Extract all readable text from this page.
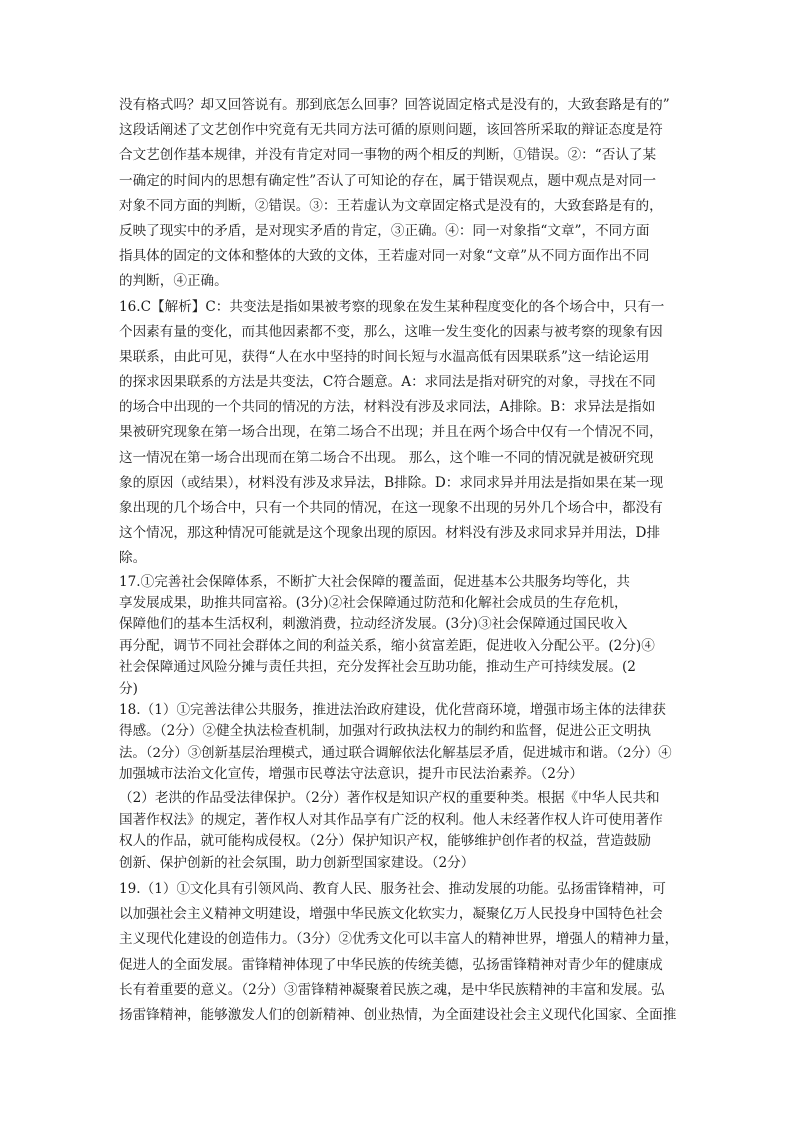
没有格式吗？却又回答说有。那到底怎么回事？回答说固定格式是没有的，大致套路是有的”
这段话阐述了文艺创作中究竟有无共同方法可循的原则问题，该回答所采取的辩证态度是符
合文艺创作基本规律，并没有肯定对同一事物的两个相反的判断，①错误。②：“否认了某
一确定的时间内的思想有确定性”否认了可知论的存在，属于错误观点，题中观点是对同一
对象不同方面的判断，②错误。③：王若虚认为文章固定格式是没有的，大致套路是有的，
反映了现实中的矛盾，是对现实矛盾的肯定，③正确。④：同一对象指“文章”，不同方面
指具体的固定的文体和整体的大致的文体，王若虚对同一对象“文章”从不同方面作出不同
的判断，④正确。
16.C【解析】C：共变法是指如果被考察的现象在发生某种程度变化的各个场合中，只有一
个因素有量的变化，而其他因素都不变，那么，这唯一发生变化的因素与被考察的现象有因
果联系，由此可见，获得“人在水中坚持的时间长短与水温高低有因果联系”这一结论运用
的探求因果联系的方法是共变法，C符合题意。A：求同法是指对研究的对象，寻找在不同
的场合中出现的一个共同的情况的方法，材料没有涉及求同法，A排除。B：求异法是指如
果被研究现象在第一场合出现，在第二场合不出现；并且在两个场合中仅有一个情况不同，
这一情况在第一场合出现而在第二场合不出现。 那么，这个唯一不同的情况就是被研究现
象的原因（或结果），材料没有涉及求异法，B排除。D：求同求异并用法是指如果在某一现
象出现的几个场合中，只有一个共同的情况，在这一现象不出现的另外几个场合中，都没有
这个情况，那这种情况可能就是这个现象出现的原因。材料没有涉及求同求异并用法，D排
除。
17.①完善社会保障体系，不断扩大社会保障的覆盖面，促进基本公共服务均等化，共
享发展成果，助推共同富裕。(3分)②社会保障通过防范和化解社会成员的生存危机，
保障他们的基本生活权利，刺激消费，拉动经济发展。(3分)③社会保障通过国民收入
再分配，调节不同社会群体之间的利益关系，缩小贫富差距，促进收入分配公平。(2分)④
社会保障通过风险分摊与责任共担，充分发挥社会互助功能，推动生产可持续发展。(2
分)
18.（1）①完善法律公共服务，推进法治政府建设，优化营商环境，增强市场主体的法律获
得感。（2分）②健全执法检查机制，加强对行政执法权力的制约和监督，促进公正文明执
法。（2分）③创新基层治理模式，通过联合调解依法化解基层矛盾，促进城市和谐。（2分）④
加强城市法治文化宣传，增强市民尊法守法意识，提升市民法治素养。（2分）
（2）老洪的作品受法律保护。（2分）著作权是知识产权的重要种类。根据《中华人民共和
国著作权法》的规定，著作权人对其作品享有广泛的权利。他人未经著作权人许可使用著作
权人的作品，就可能构成侵权。（2分）保护知识产权，能够维护创作者的权益，营造鼓励
创新、保护创新的社会氛围，助力创新型国家建设。（2分）
19.（1）①文化具有引领风尚、教育人民、服务社会、推动发展的功能。弘扬雷锋精神，可
以加强社会主义精神文明建设，增强中华民族文化软实力，凝聚亿万人民投身中国特色社会
主义现代化建设的创造伟力。（3分）②优秀文化可以丰富人的精神世界，增强人的精神力量，
促进人的全面发展。雷锋精神体现了中华民族的传统美德，弘扬雷锋精神对青少年的健康成
长有着重要的意义。（2分）③雷锋精神凝聚着民族之魂，是中华民族精神的丰富和发展。弘
扬雷锋精神，能够激发人们的创新精神、创业热情，为全面建设社会主义现代化国家、全面推
